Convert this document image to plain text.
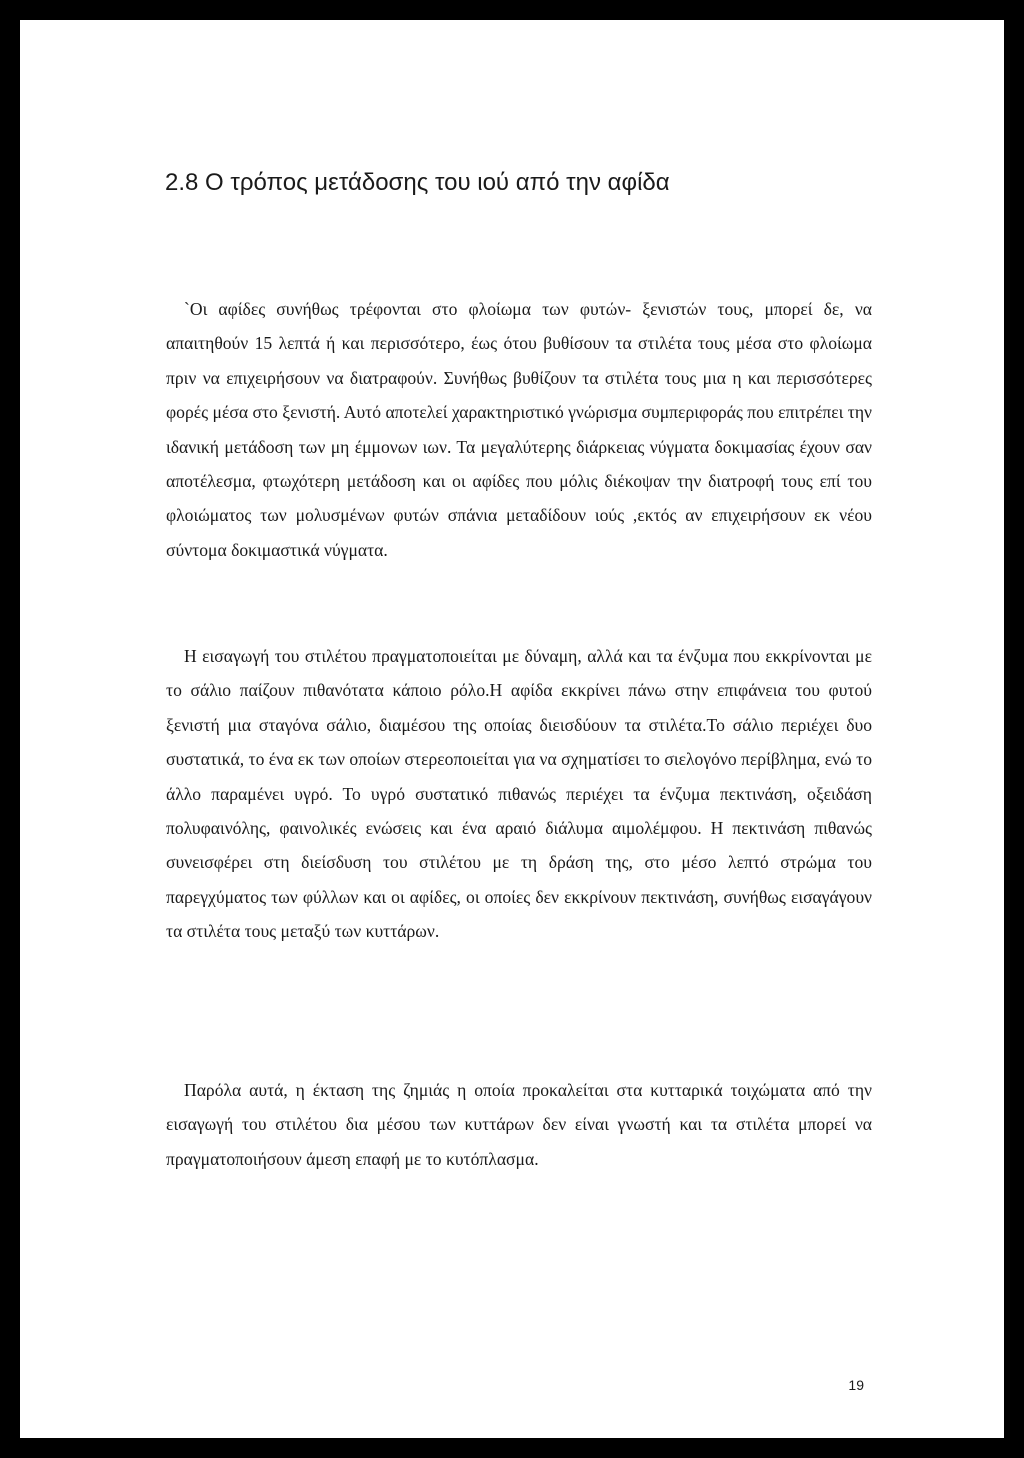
2.8 Ο τρόπος μετάδοσης του ιού από την αφίδα

`Οι αφίδες συνήθως τρέφονται στο φλοίωμα των φυτών- ξενιστών τους, μπορεί δε, να απαιτηθούν 15 λεπτά ή και περισσότερο, έως ότου βυθίσουν τα στιλέτα τους μέσα στο φλοίωμα πριν να επιχειρήσουν να διατραφούν. Συνήθως βυθίζουν τα στιλέτα τους μια η και περισσότερες φορές μέσα στο ξενιστή. Αυτό αποτελεί χαρακτηριστικό γνώρισμα συμπεριφοράς που επιτρέπει την ιδανική μετάδοση των μη έμμονων ιων. Τα μεγαλύτερης διάρκειας νύγματα δοκιμασίας έχουν σαν αποτέλεσμα, φτωχότερη μετάδοση και οι αφίδες που μόλις διέκοψαν την διατροφή τους επί του φλοιώματος των μολυσμένων φυτών σπάνια μεταδίδουν ιούς ,εκτός αν επιχειρήσουν εκ νέου σύντομα δοκιμαστικά νύγματα.

Η εισαγωγή του στιλέτου πραγματοποιείται με δύναμη, αλλά και τα ένζυμα που εκκρίνονται με το σάλιο παίζουν πιθανότατα κάποιο ρόλο.Η αφίδα εκκρίνει πάνω στην επιφάνεια του φυτού ξενιστή μια σταγόνα σάλιο, διαμέσου της οποίας διεισδύουν τα στιλέτα.Το σάλιο περιέχει δυο συστατικά, το ένα εκ των οποίων στερεοποιείται για να σχηματίσει το σιελογόνο περίβλημα, ενώ το άλλο παραμένει υγρό. Το υγρό συστατικό πιθανώς περιέχει τα ένζυμα πεκτινάση, οξειδάση πολυφαινόλης, φαινολικές ενώσεις και ένα αραιό διάλυμα αιμολέμφου. Η πεκτινάση πιθανώς συνεισφέρει στη διείσδυση του στιλέτου με τη δράση της, στο μέσο λεπτό στρώμα του παρεγχύματος των φύλλων και οι αφίδες, οι οποίες δεν εκκρίνουν πεκτινάση, συνήθως εισαγάγουν τα στιλέτα τους μεταξύ των κυττάρων.

Παρόλα αυτά, η έκταση της ζημιάς η οποία προκαλείται στα κυτταρικά τοιχώματα από την εισαγωγή του στιλέτου δια μέσου των κυττάρων δεν είναι γνωστή και τα στιλέτα μπορεί να πραγματοποιήσουν άμεση επαφή με το κυτόπλασμα.

19
